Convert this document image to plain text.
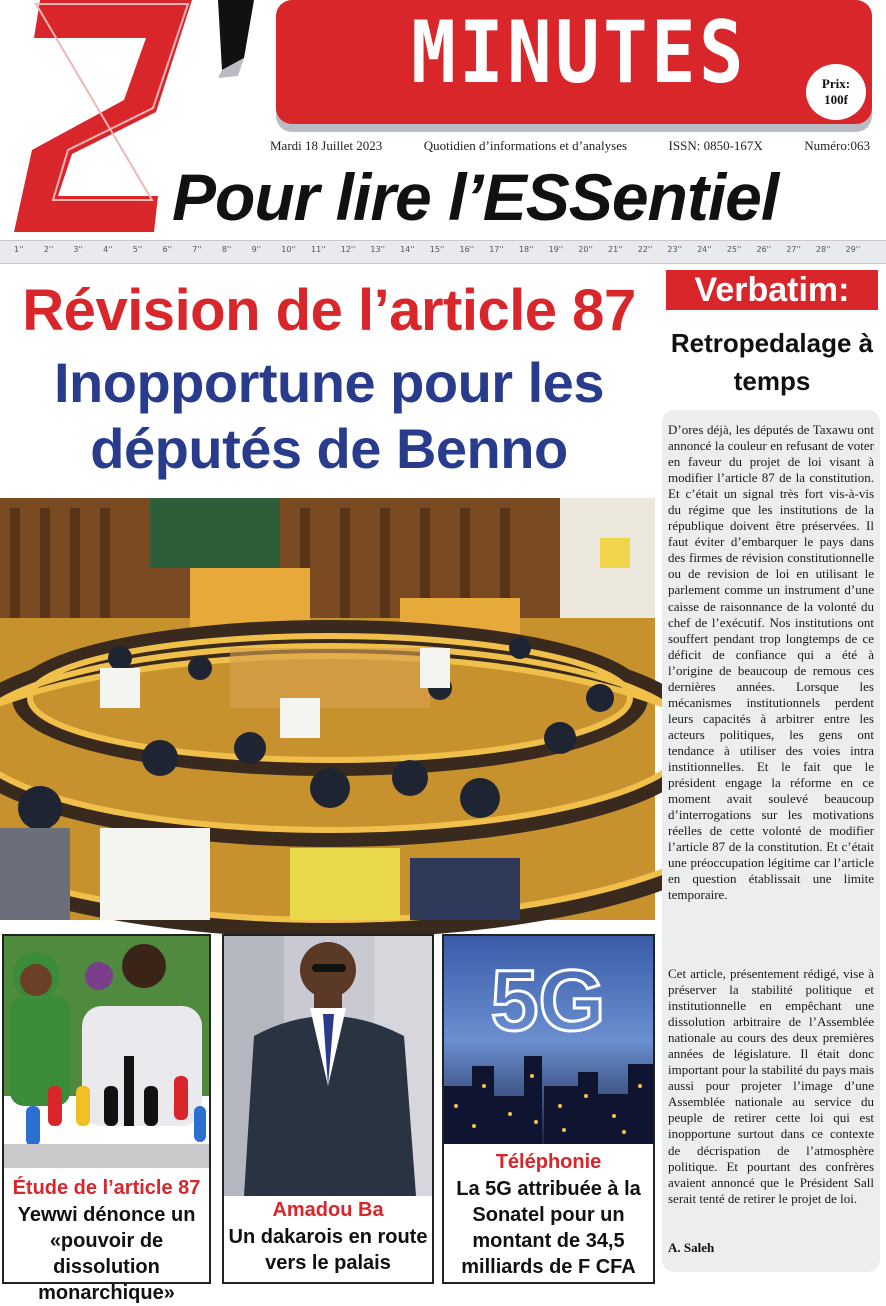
MINUTES	Prix:
100f
Mardi 18 Juillet 2023	Quotidien d’informations et d’analyses	ISSN: 0850-167X	Numéro:063
Pour lire l’ESSentiel
1''	2''	3''	4''	5''	6''	7''	8''	9''	10'' 11'' 12'' 13'' 14'' 15'' 16'' 17'' 18'' 19'' 20'' 21'' 22'' 23'' 24'' 25'' 26'' 27'' 28'' 29''
Révision de l’article 87
Inopportune pour les députés de Benno
Verbatim:
Retropedalage à temps
D’ores déjà, les députés de Taxawu ont annoncé la couleur en refusant de voter en faveur du projet de loi visant à modifier l’article 87 de la constitution. Et c’était un signal très fort vis-à-vis du régime que les institutions de la république doivent être préservées. Il faut éviter d’embarquer le pays dans des firmes de révision constitutionnelle ou de revision de loi en utilisant le parlement comme un instrument d’une caisse de raisonnance de la volonté du chef de l’exécutif. Nos institutions ont souffert pendant trop longtemps de ce déficit de confiance qui a été à l’origine de beaucoup de remous ces dernières années. Lorsque les mécanismes institutionnels perdent leurs capacités à arbitrer entre les acteurs politiques, les gens ont tendance à utiliser des voies intra institionnelles. Et le fait que le président engage la réforme en ce moment avait soulevé beaucoup d’interrogations sur les motivations réelles de cette volonté de modifier l’article 87 de la constitution. Et c’était une préoccupation légitime car l’article en question établissait une limite temporaire.
Cet article, présentement rédigé, vise à préserver la stabilité politique et institutionnelle en empêchant une dissolution arbitraire de l’Assemblée nationale au cours des deux premières années de législature. Il était donc important pour la stabilité du pays mais aussi pour projeter l’image d’une Assemblée nationale au service du peuple de retirer cette loi qui est inopportune surtout dans ce contexte de décrispation de l’atmosphère politique. Et pourtant des confrères avaient annoncé que le Président Sall serait tenté de retirer le projet de loi.
A. Saleh
Étude de l’article 87
Yewwi dénonce un «pouvoir de dissolution monarchique»
Amadou Ba
Un dakarois en route vers le palais
5G
Téléphonie
La 5G attribuée à la Sonatel pour un montant de 34,5 milliards de F CFA
